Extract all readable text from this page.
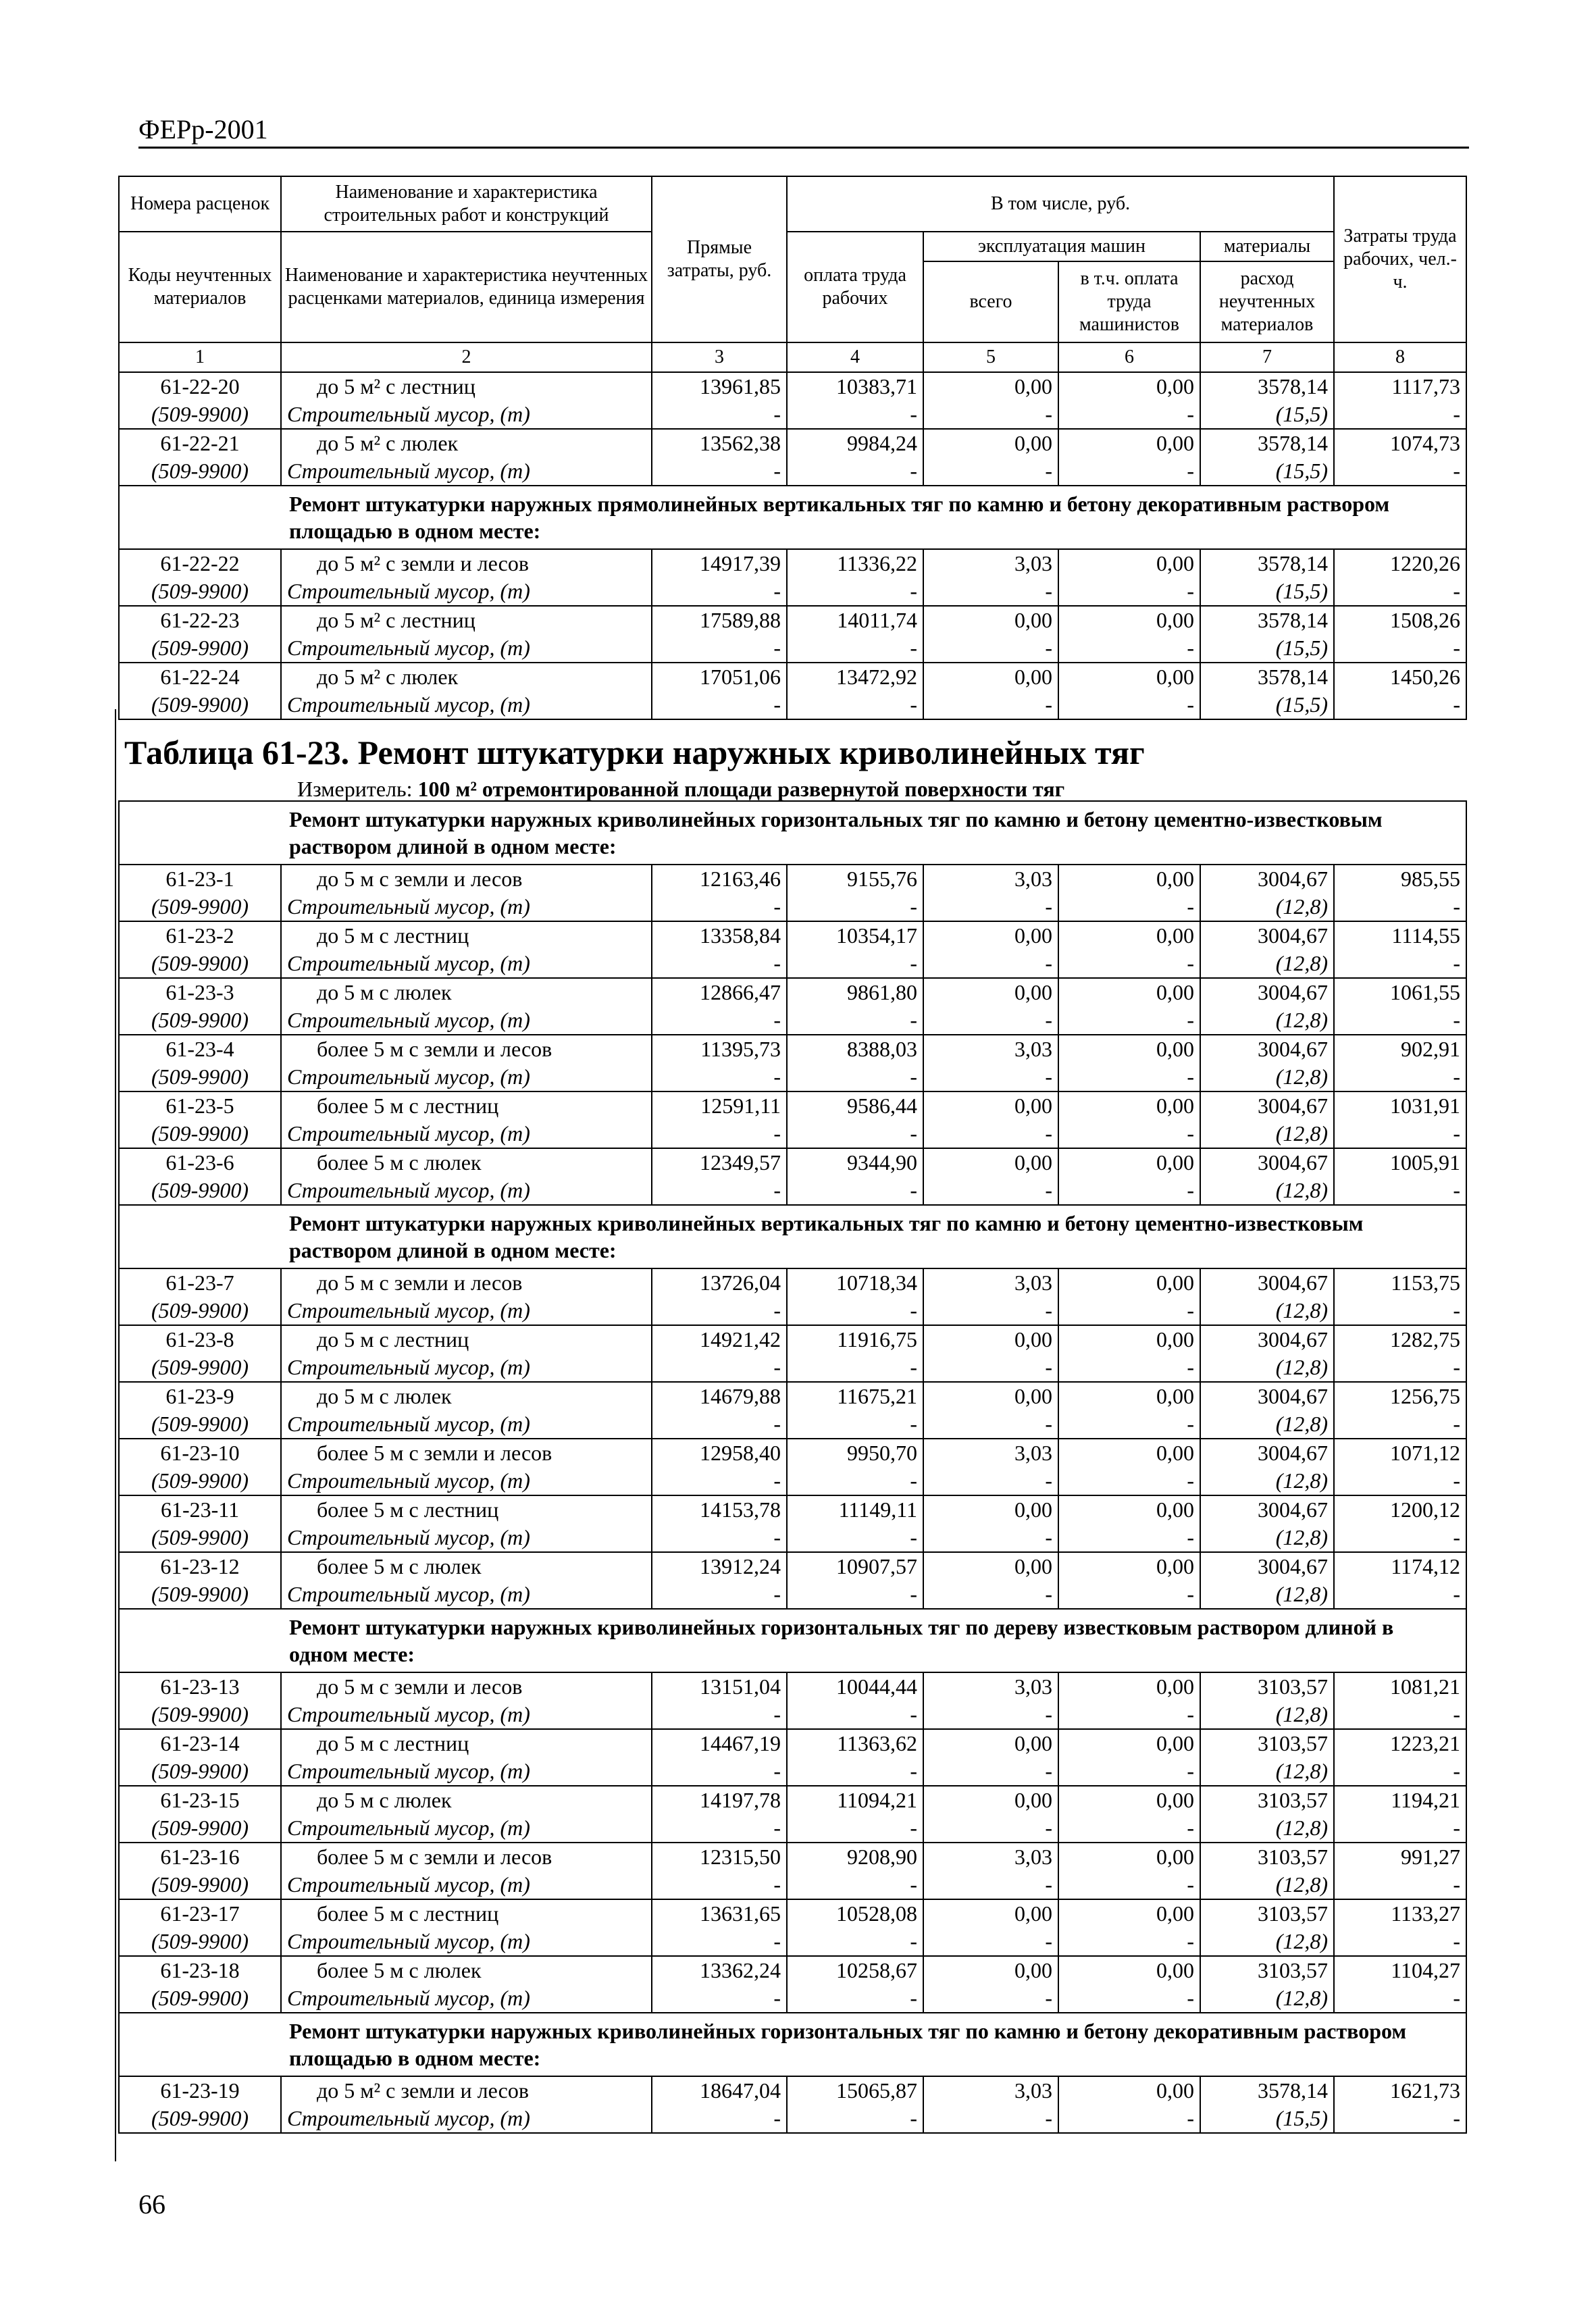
ФЕРр-2001
Номера расценок	Наименование и характеристика строительных работ и конструкций	Прямые затраты, руб.	В том числе, руб.				Затраты труда рабочих, чел.-ч.
Коды неучтенных материалов	Наименование и характеристика неучтенных расценками материалов, единица измерения		оплата труда рабочих	эксплуатация машин		материалы	
				всего	в т.ч. оплата труда машинистов	расход неучтенных материалов	
1	2	3	4	5	6	7	8
61-22-20	до 5 м² с лестниц	13961,85	10383,71	0,00	0,00	3578,14	1117,73
(509-9900)	Строительный мусор, (т)	-	-	-	-	(15,5)	-
61-22-21	до 5 м² с люлек	13562,38	9984,24	0,00	0,00	3578,14	1074,73
(509-9900)	Строительный мусор, (т)	-	-	-	-	(15,5)	-
	Ремонт штукатурки наружных прямолинейных вертикальных тяг по камню и бетону декоративным раствором площадью в одном месте:						
61-22-22	до 5 м² с земли и лесов	14917,39	11336,22	3,03	0,00	3578,14	1220,26
(509-9900)	Строительный мусор, (т)	-	-	-	-	(15,5)	-
61-22-23	до 5 м² с лестниц	17589,88	14011,74	0,00	0,00	3578,14	1508,26
(509-9900)	Строительный мусор, (т)	-	-	-	-	(15,5)	-
61-22-24	до 5 м² с люлек	17051,06	13472,92	0,00	0,00	3578,14	1450,26
(509-9900)	Строительный мусор, (т)	-	-	-	-	(15,5)	-
Таблица 61-23. Ремонт штукатурки наружных криволинейных тяг
Измеритель: 100 м² отремонтированной площади развернутой поверхности тяг
	Ремонт штукатурки наружных криволинейных горизонтальных тяг по камню и бетону цементно-известковым раствором длиной в одном месте:						
61-23-1	до 5 м с земли и лесов	12163,46	9155,76	3,03	0,00	3004,67	985,55
(509-9900)	Строительный мусор, (т)	-	-	-	-	(12,8)	-
61-23-2	до 5 м с лестниц	13358,84	10354,17	0,00	0,00	3004,67	1114,55
(509-9900)	Строительный мусор, (т)	-	-	-	-	(12,8)	-
61-23-3	до 5 м с люлек	12866,47	9861,80	0,00	0,00	3004,67	1061,55
(509-9900)	Строительный мусор, (т)	-	-	-	-	(12,8)	-
61-23-4	более 5 м с земли и лесов	11395,73	8388,03	3,03	0,00	3004,67	902,91
(509-9900)	Строительный мусор, (т)	-	-	-	-	(12,8)	-
61-23-5	более 5 м с лестниц	12591,11	9586,44	0,00	0,00	3004,67	1031,91
(509-9900)	Строительный мусор, (т)	-	-	-	-	(12,8)	-
61-23-6	более 5 м с люлек	12349,57	9344,90	0,00	0,00	3004,67	1005,91
(509-9900)	Строительный мусор, (т)	-	-	-	-	(12,8)	-
	Ремонт штукатурки наружных криволинейных вертикальных тяг по камню и бетону цементно-известковым раствором длиной в одном месте:						
61-23-7	до 5 м с земли и лесов	13726,04	10718,34	3,03	0,00	3004,67	1153,75
(509-9900)	Строительный мусор, (т)	-	-	-	-	(12,8)	-
61-23-8	до 5 м с лестниц	14921,42	11916,75	0,00	0,00	3004,67	1282,75
(509-9900)	Строительный мусор, (т)	-	-	-	-	(12,8)	-
61-23-9	до 5 м с люлек	14679,88	11675,21	0,00	0,00	3004,67	1256,75
(509-9900)	Строительный мусор, (т)	-	-	-	-	(12,8)	-
61-23-10	более 5 м с земли и лесов	12958,40	9950,70	3,03	0,00	3004,67	1071,12
(509-9900)	Строительный мусор, (т)	-	-	-	-	(12,8)	-
61-23-11	более 5 м с лестниц	14153,78	11149,11	0,00	0,00	3004,67	1200,12
(509-9900)	Строительный мусор, (т)	-	-	-	-	(12,8)	-
61-23-12	более 5 м с люлек	13912,24	10907,57	0,00	0,00	3004,67	1174,12
(509-9900)	Строительный мусор, (т)	-	-	-	-	(12,8)	-
	Ремонт штукатурки наружных криволинейных горизонтальных тяг по дереву известковым раствором длиной в одном месте:						
61-23-13	до 5 м с земли и лесов	13151,04	10044,44	3,03	0,00	3103,57	1081,21
(509-9900)	Строительный мусор, (т)	-	-	-	-	(12,8)	-
61-23-14	до 5 м с лестниц	14467,19	11363,62	0,00	0,00	3103,57	1223,21
(509-9900)	Строительный мусор, (т)	-	-	-	-	(12,8)	-
61-23-15	до 5 м с люлек	14197,78	11094,21	0,00	0,00	3103,57	1194,21
(509-9900)	Строительный мусор, (т)	-	-	-	-	(12,8)	-
61-23-16	более 5 м с земли и лесов	12315,50	9208,90	3,03	0,00	3103,57	991,27
(509-9900)	Строительный мусор, (т)	-	-	-	-	(12,8)	-
61-23-17	более 5 м с лестниц	13631,65	10528,08	0,00	0,00	3103,57	1133,27
(509-9900)	Строительный мусор, (т)	-	-	-	-	(12,8)	-
61-23-18	более 5 м с люлек	13362,24	10258,67	0,00	0,00	3103,57	1104,27
(509-9900)	Строительный мусор, (т)	-	-	-	-	(12,8)	-
	Ремонт штукатурки наружных криволинейных горизонтальных тяг по камню и бетону декоративным раствором площадью в одном месте:						
61-23-19	до 5 м² с земли и лесов	18647,04	15065,87	3,03	0,00	3578,14	1621,73
(509-9900)	Строительный мусор, (т)	-	-	-	-	(15,5)	-
66
